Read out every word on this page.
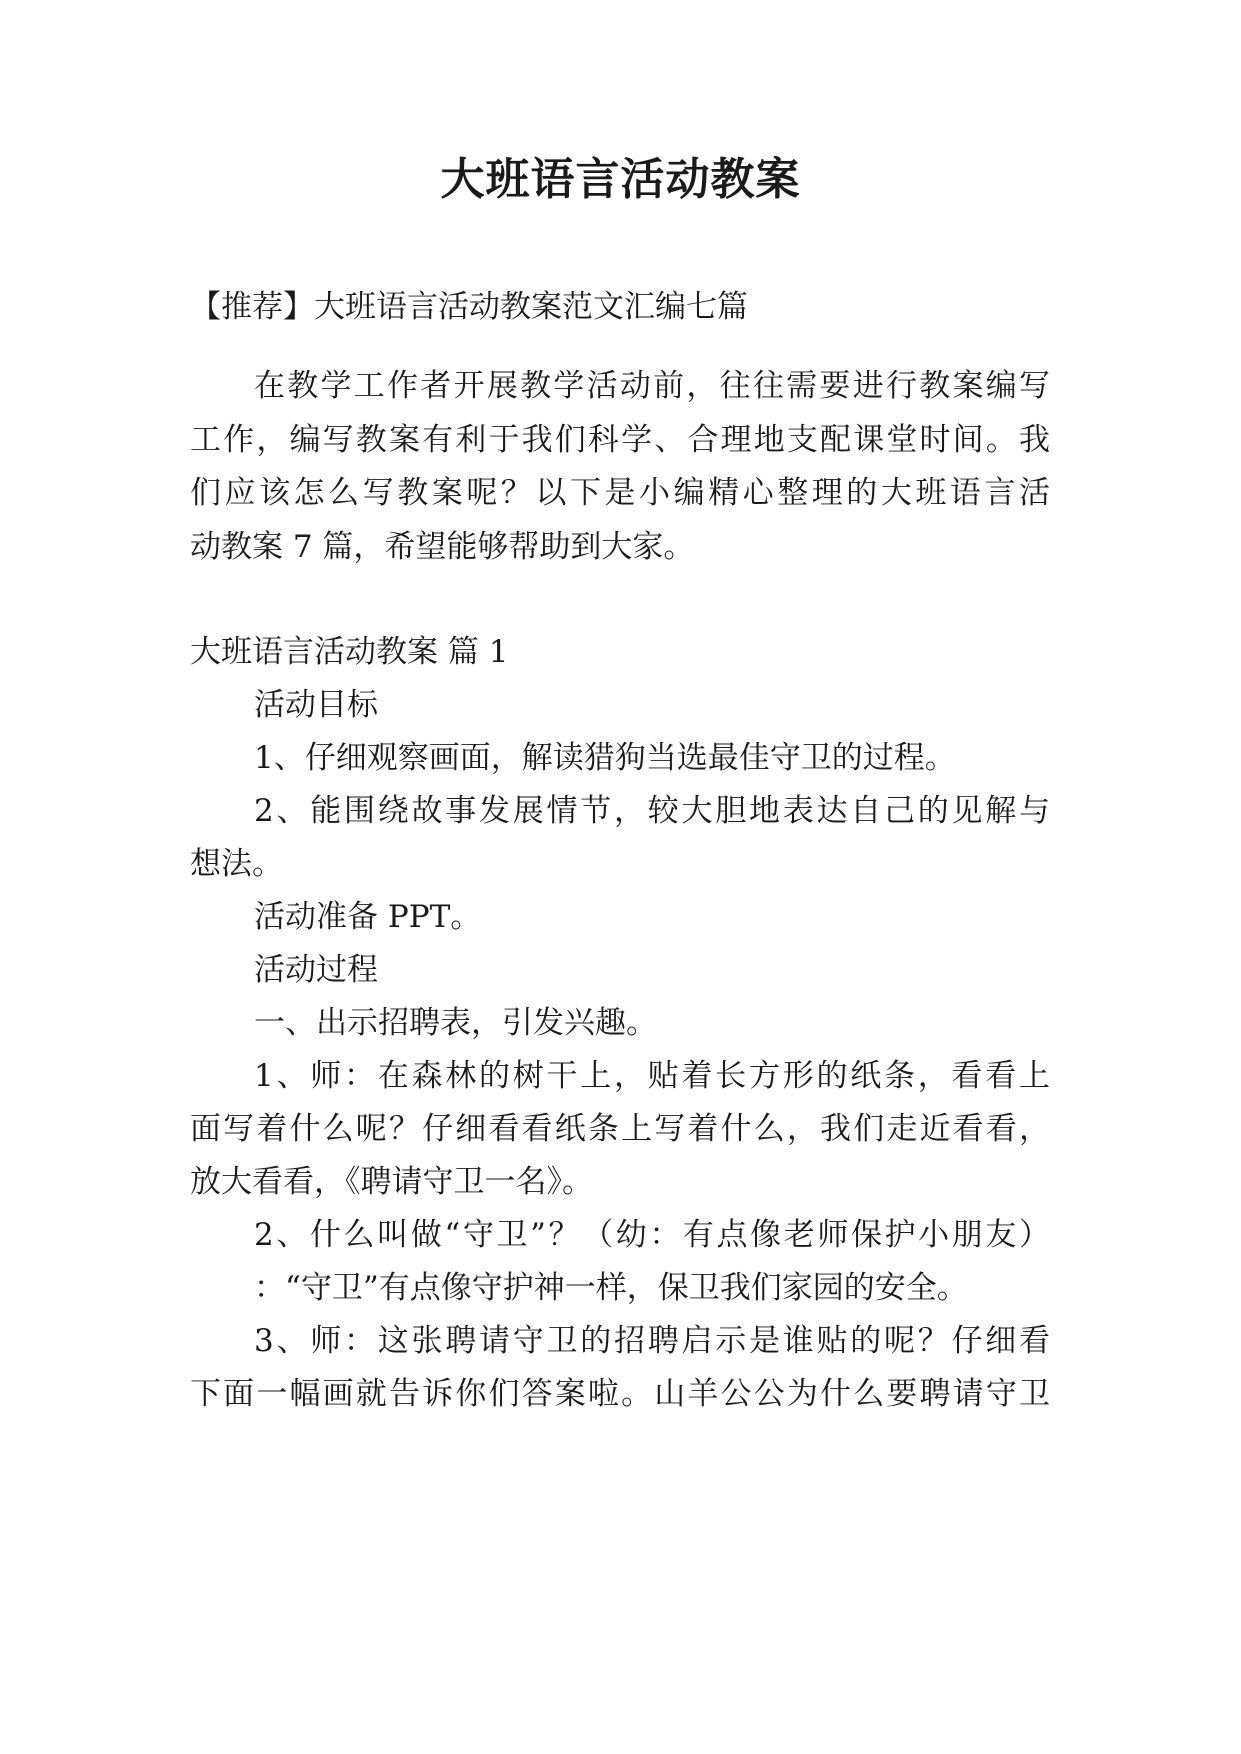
大班语言活动教案
【推荐】大班语言活动教案范文汇编七篇
在教学工作者开展教学活动前，往往需要进行教案编写
工作，编写教案有利于我们科学、合理地支配课堂时间。我
们应该怎么写教案呢？以下是小编精心整理的大班语言活
动教案 7 篇，希望能够帮助到大家。
大班语言活动教案 篇 1
活动目标
1、仔细观察画面，解读猎狗当选最佳守卫的过程。
2、能围绕故事发展情节，较大胆地表达自己的见解与
想法。
活动准备 PPT。
活动过程
一、出示招聘表，引发兴趣。
1、师：在森林的树干上，贴着长方形的纸条，看看上
面写着什么呢？仔细看看纸条上写着什么，我们走近看看，
放大看看，《聘请守卫一名》。
2、什么叫做“守卫”？（幼：有点像老师保护小朋友）
：“守卫”有点像守护神一样，保卫我们家园的安全。
3、师：这张聘请守卫的招聘启示是谁贴的呢？仔细看
下面一幅画就告诉你们答案啦。山羊公公为什么要聘请守卫
